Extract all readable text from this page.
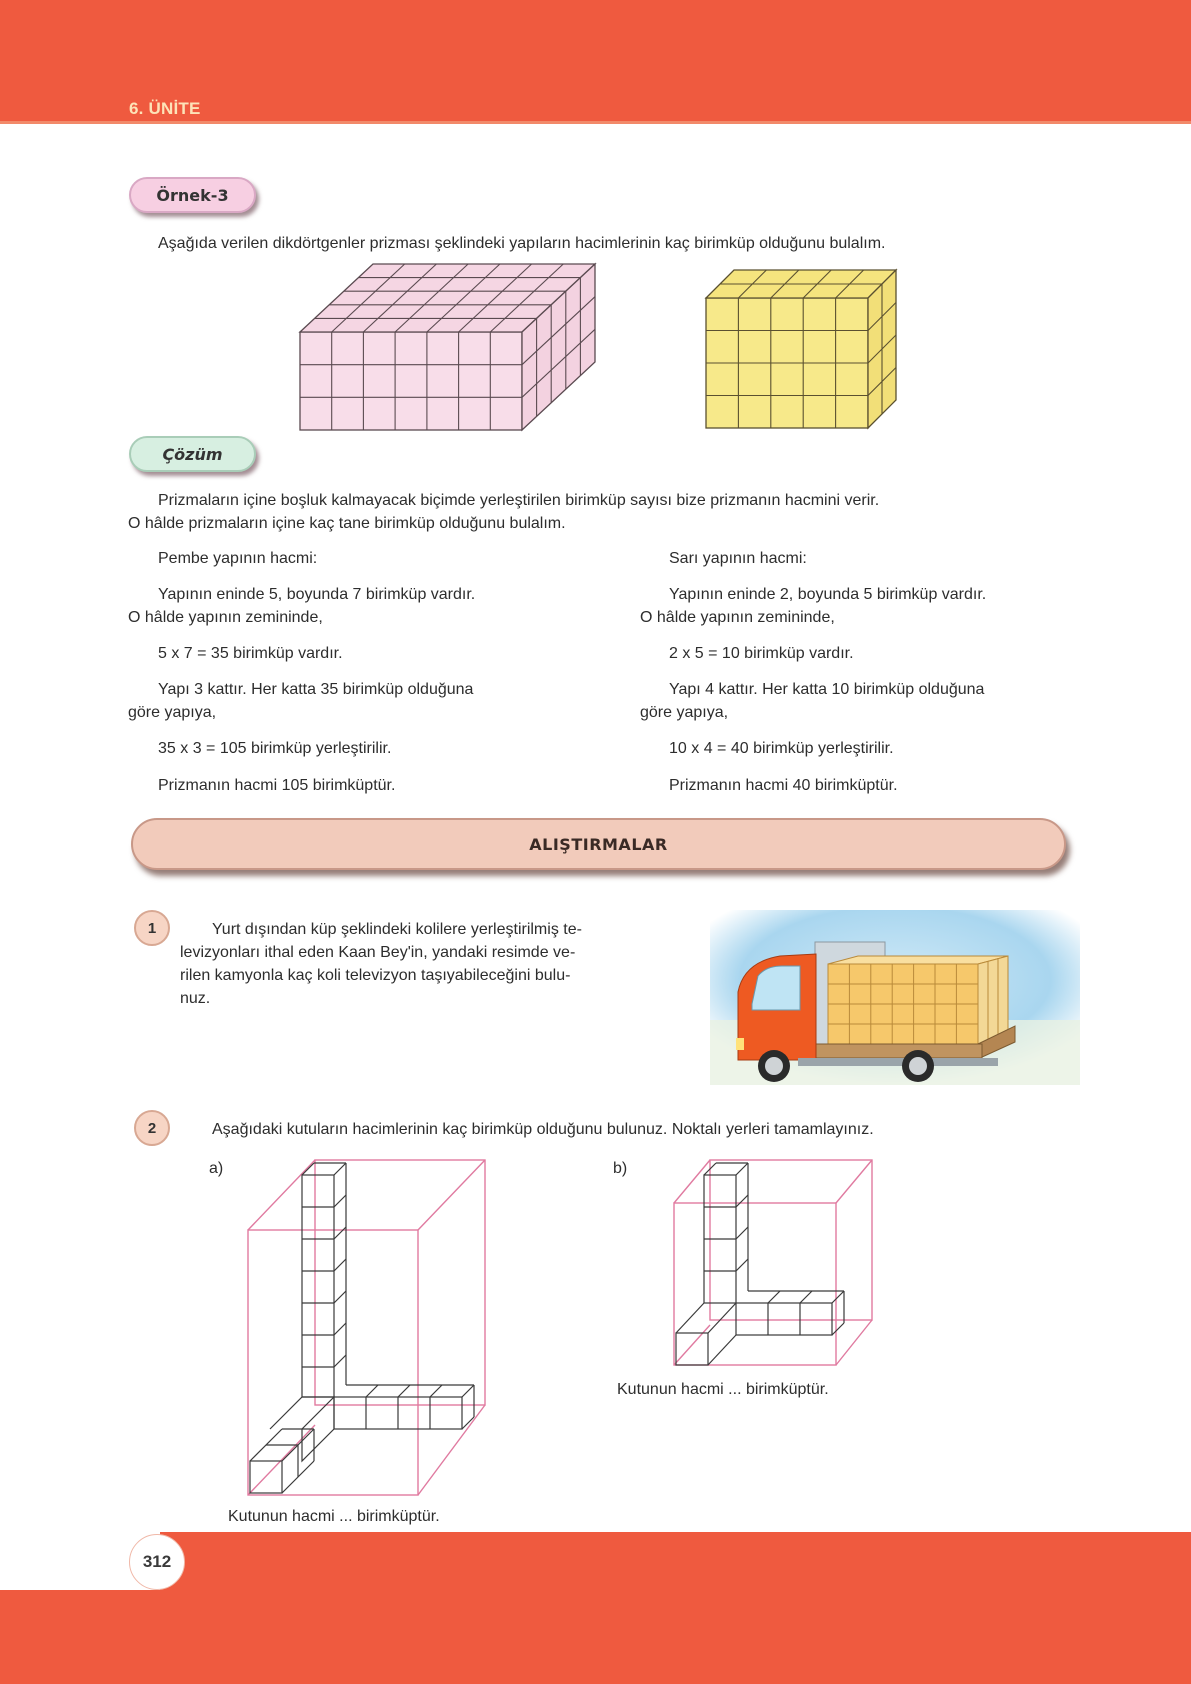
6. ÜNİTE
Örnek-3
Aşağıda verilen dikdörtgenler prizması şeklindeki yapıların hacimlerinin kaç birimküp olduğunu bulalım.
Çözüm
Prizmaların içine boşluk kalmayacak biçimde yerleştirilen birimküp sayısı bize prizmanın hacmini verir.
O hâlde prizmaların içine kaç tane birimküp olduğunu bulalım.
Pembe yapının hacmi:
Yapının eninde 5, boyunda 7 birimküp vardır.
O hâlde yapının zemininde,
5 x 7 = 35 birimküp vardır.
Yapı 3 kattır. Her katta 35 birimküp olduğuna
göre yapıya,
35 x 3 = 105 birimküp yerleştirilir.
Prizmanın hacmi 105 birimküptür.
Sarı yapının hacmi:
Yapının eninde 2, boyunda 5 birimküp vardır.
O hâlde yapının zemininde,
2 x 5 = 10 birimküp vardır.
Yapı 4 kattır. Her katta 10 birimküp olduğuna
göre yapıya,
10 x 4 = 40 birimküp yerleştirilir.
Prizmanın hacmi 40 birimküptür.
ALIŞTIRMALAR
1	Yurt dışından küp şeklindeki kolilere yerleştirilmiş te-
levizyonları ithal eden Kaan Bey'in, yandaki resimde ve-
rilen kamyonla kaç koli televizyon taşıyabileceğini bulu-
nuz.
2	Aşağıdaki kutuların hacimlerinin kaç birimküp olduğunu bulunuz. Noktalı yerleri tamamlayınız.
a)	b)
Kutunun hacmi ... birimküptür.
Kutunun hacmi ... birimküptür.
312
